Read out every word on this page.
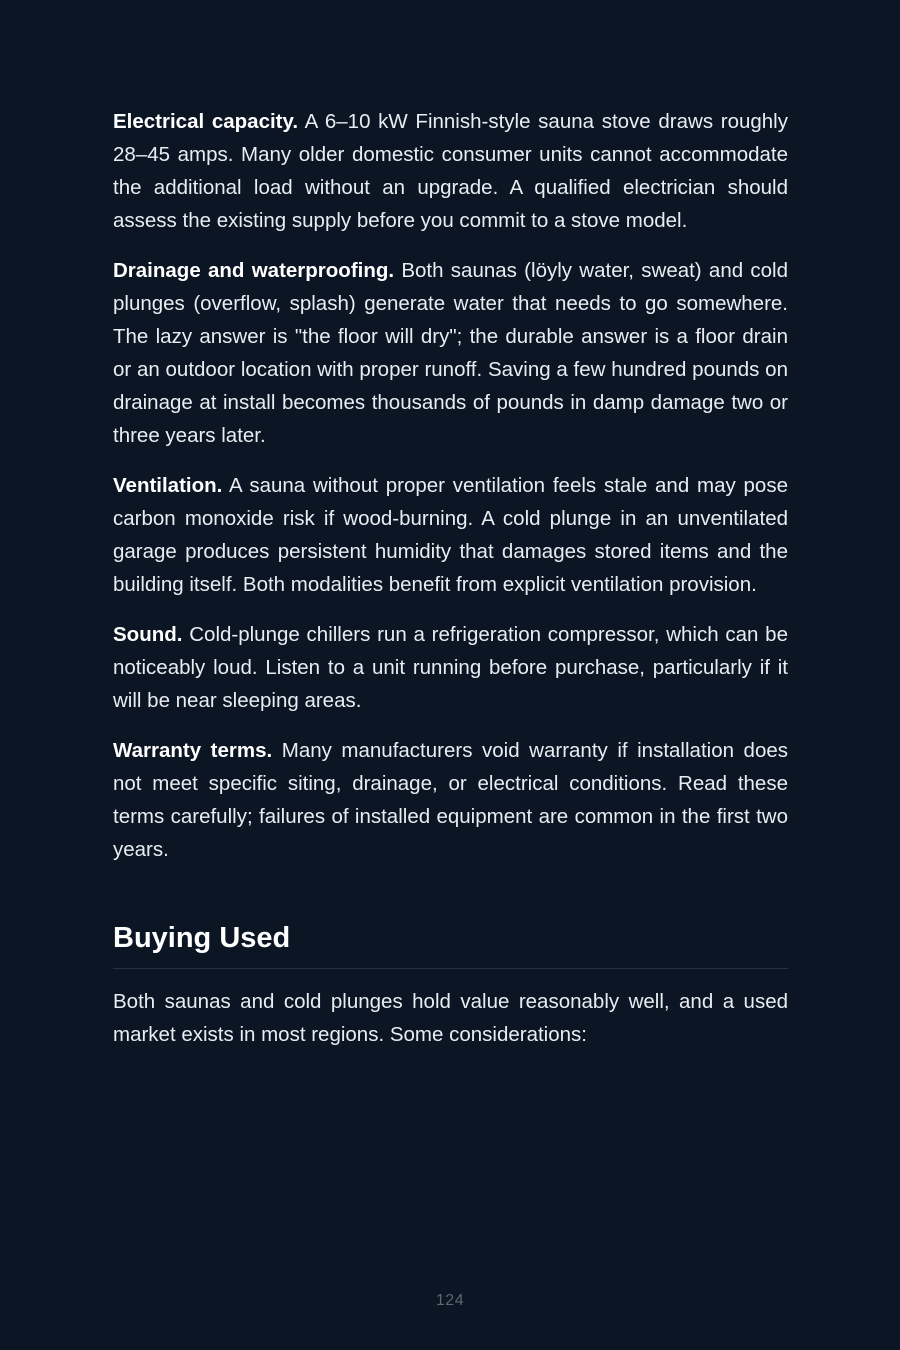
Electrical capacity. A 6–10 kW Finnish-style sauna stove draws roughly 28–45 amps. Many older domestic consumer units cannot accommodate the additional load without an upgrade. A qualified electrician should assess the existing supply before you commit to a stove model.

Drainage and waterproofing. Both saunas (löyly water, sweat) and cold plunges (overflow, splash) generate water that needs to go somewhere. The lazy answer is "the floor will dry"; the durable answer is a floor drain or an outdoor location with proper runoff. Saving a few hundred pounds on drainage at install becomes thousands of pounds in damp damage two or three years later.

Ventilation. A sauna without proper ventilation feels stale and may pose carbon monoxide risk if wood-burning. A cold plunge in an unventilated garage produces persistent humidity that damages stored items and the building itself. Both modalities benefit from explicit ventilation provision.

Sound. Cold-plunge chillers run a refrigeration compressor, which can be noticeably loud. Listen to a unit running before purchase, particularly if it will be near sleeping areas.

Warranty terms. Many manufacturers void warranty if installation does not meet specific siting, drainage, or electrical conditions. Read these terms carefully; failures of installed equipment are common in the first two years.

Buying Used

Both saunas and cold plunges hold value reasonably well, and a used market exists in most regions. Some considerations:

124
